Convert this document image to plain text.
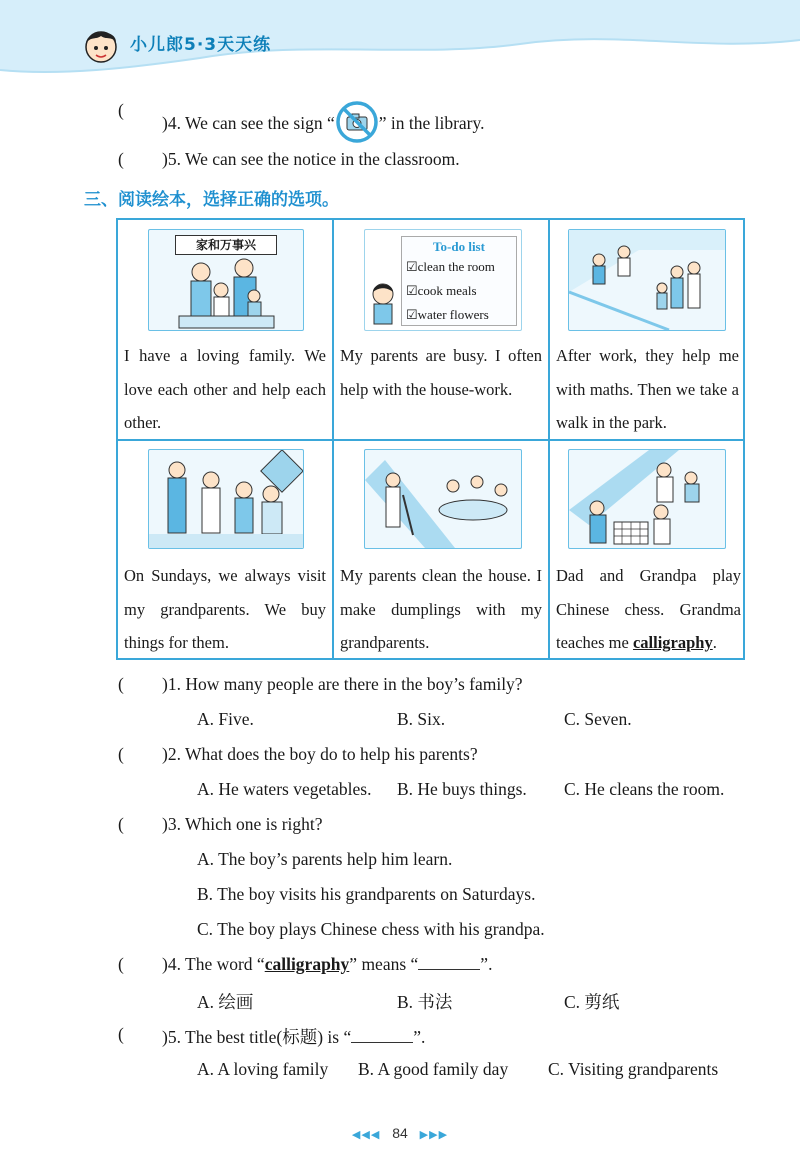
小儿郎5·3天天练
(
)4. We can see the sign “	” in the library.
( )5. We can see the notice in the classroom.
三、阅读绘本，选择正确的选项。
家和万事兴
I have a loving family. We love each other and help each other.
To-do list
☑clean the room
☑cook meals
☑water flowers
My parents are busy. I often help with the house-work.
After work, they help me with maths. Then we take a walk in the park.
On Sundays, we always visit my grandparents. We buy things for them.
My parents clean the house. I make dumplings with my grandparents.
Dad and Grandpa play Chinese chess. Grandma teaches me calligraphy.
( )1. How many people are there in the boy’s family?
A. Five.	B. Six.	C. Seven.
( )2. What does the boy do to help his parents?
A. He waters vegetables. B. He buys things. C. He cleans the room.
( )3. Which one is right?
A. The boy’s parents help him learn.
B. The boy visits his grandparents on Saturdays.
C. The boy plays Chinese chess with his grandpa.
( )4. The word “calligraphy” means “	”.
A. 绘画	B. 书法	C. 剪纸
( )5. The best title(标题) is “	”.
A. A loving family B. A good family day C. Visiting grandparents
◀◀◀ 84 ▶▶▶
